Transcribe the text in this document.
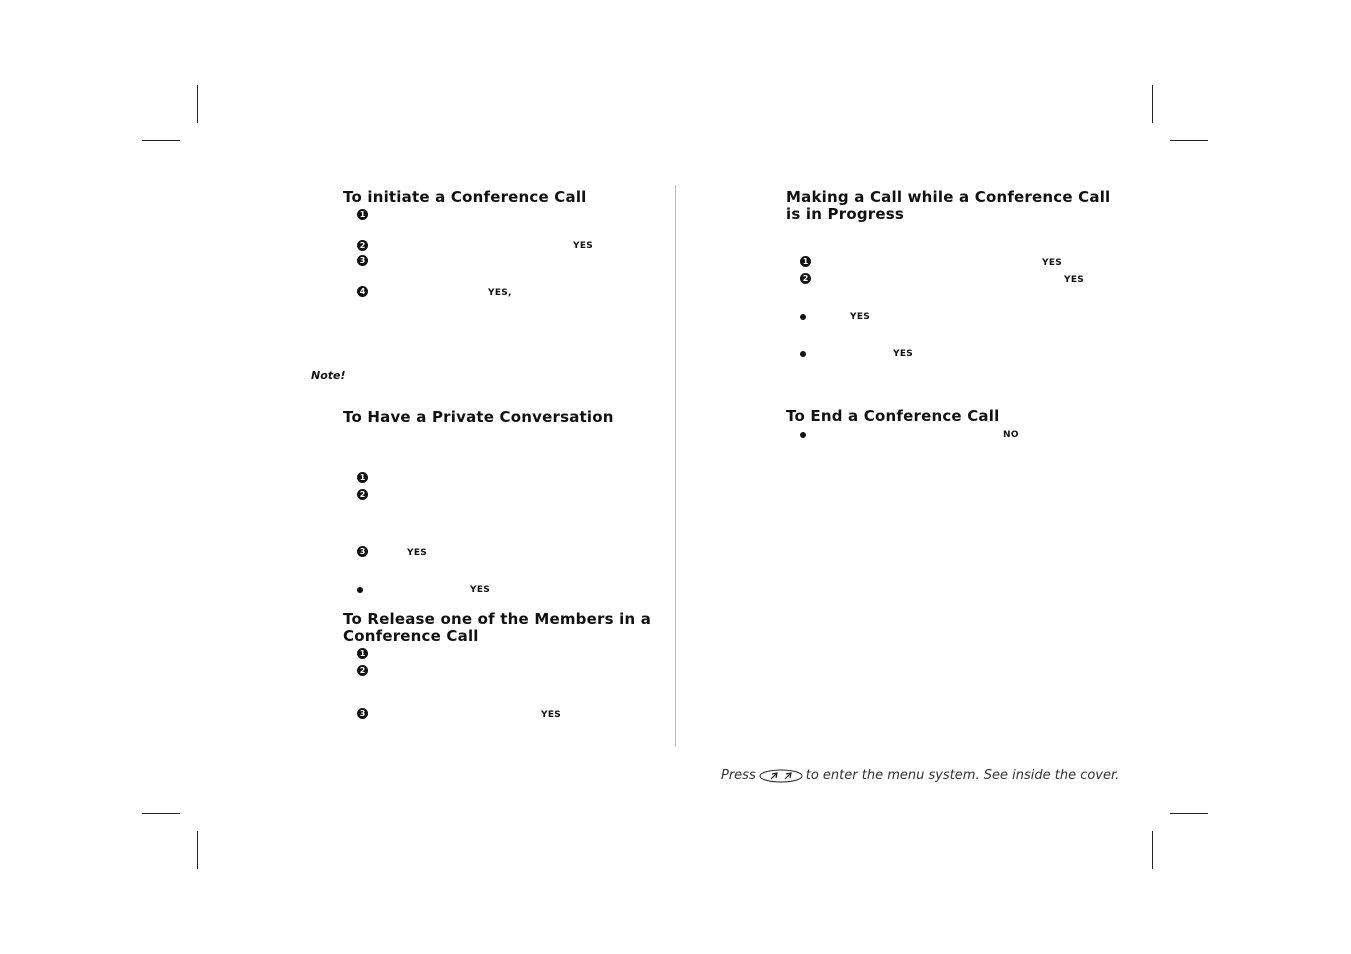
To initiate a Conference Call
1
2	YES
3
4	YES,
Note!
To Have a Private Conversation
1
2
3	YES
YES
To Release one of the Members in a
Conference Call
1
2
3	YES
Making a Call while a Conference Call
is in Progress
1	YES
2	YES
YES
YES
To End a Conference Call
NO
Press	to enter the menu system. See inside the cover.
